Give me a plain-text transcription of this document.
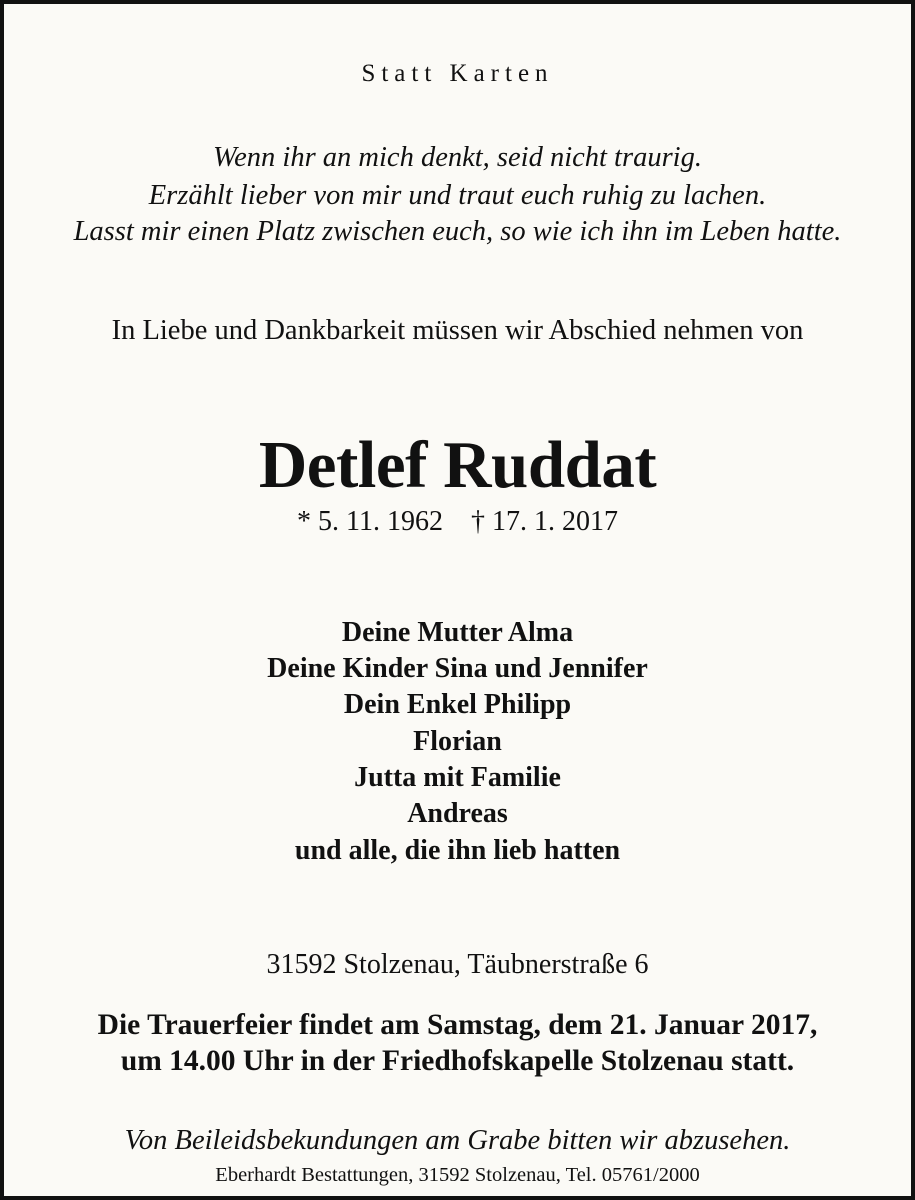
Statt Karten

Wenn ihr an mich denkt, seid nicht traurig.

Erzählt lieber von mir und traut euch ruhig zu lachen.

Lasst mir einen Platz zwischen euch, so wie ich ihn im Leben hatte.

In Liebe und Dankbarkeit müssen wir Abschied nehmen von

Detlef Ruddat

* 5. 11. 1962 † 17. 1. 2017

Deine Mutter Alma

Deine Kinder Sina und Jennifer

Dein Enkel Philipp

Florian

Jutta mit Familie

Andreas

und alle, die ihn lieb hatten

31592 Stolzenau, Täubnerstraße 6

Die Trauerfeier findet am Samstag, dem 21. Januar 2017,

um 14.00 Uhr in der Friedhofskapelle Stolzenau statt.

Von Beileidsbekundungen am Grabe bitten wir abzusehen.

Eberhardt Bestattungen, 31592 Stolzenau, Tel. 05761/2000
